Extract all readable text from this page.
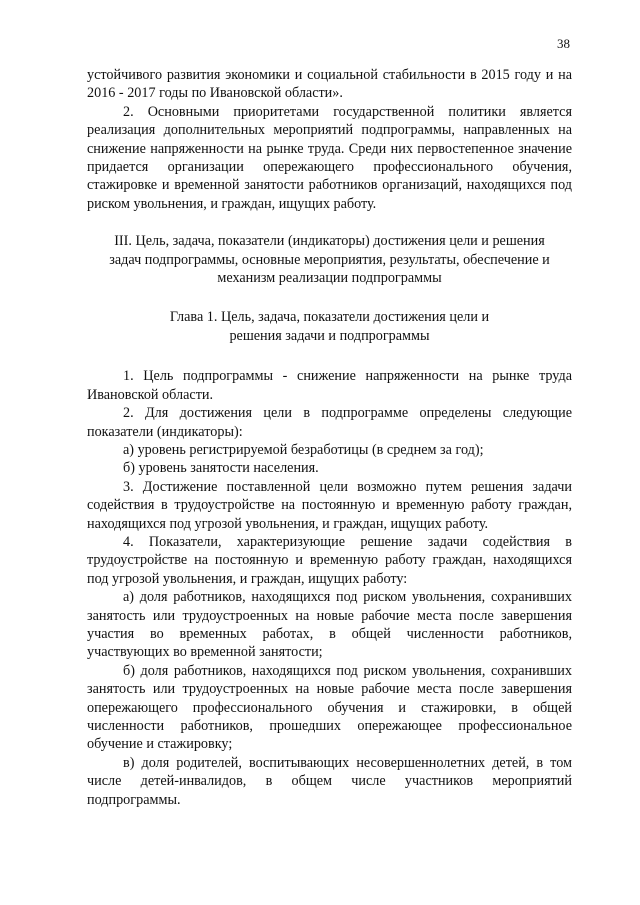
38

устойчивого развития экономики и социальной стабильности в 2015 году и на 2016 - 2017 годы по Ивановской области».

2. Основными приоритетами государственной политики является реализация дополнительных мероприятий подпрограммы, направленных на снижение напряженности на рынке труда. Среди них первостепенное значение придается организации опережающего профессионального обучения, стажировке и временной занятости работников организаций, находящихся под риском увольнения, и граждан, ищущих работу.

III. Цель, задача, показатели (индикаторы) достижения цели и решения

задач подпрограммы, основные мероприятия, результаты, обеспечение и

механизм реализации подпрограммы

Глава 1. Цель, задача, показатели достижения цели и

решения задачи и подпрограммы

1. Цель подпрограммы - снижение напряженности на рынке труда Ивановской области.

2. Для достижения цели в подпрограмме определены следующие показатели (индикаторы):

а) уровень регистрируемой безработицы (в среднем за год);

б) уровень занятости населения.

3. Достижение поставленной цели возможно путем решения задачи содействия в трудоустройстве на постоянную и временную работу граждан, находящихся под угрозой увольнения, и граждан, ищущих работу.

4. Показатели, характеризующие решение задачи содействия в трудоустройстве на постоянную и временную работу граждан, находящихся под угрозой увольнения, и граждан, ищущих работу:

а) доля работников, находящихся под риском увольнения, сохранивших занятость или трудоустроенных на новые рабочие места после завершения участия во временных работах, в общей численности работников, участвующих во временной занятости;

б) доля работников, находящихся под риском увольнения, сохранивших занятость или трудоустроенных на новые рабочие места после завершения опережающего профессионального обучения и стажировки, в общей численности работников, прошедших опережающее профессиональное обучение и стажировку;

в) доля родителей, воспитывающих несовершеннолетних детей, в том числе детей-инвалидов, в общем числе участников мероприятий подпрограммы.
